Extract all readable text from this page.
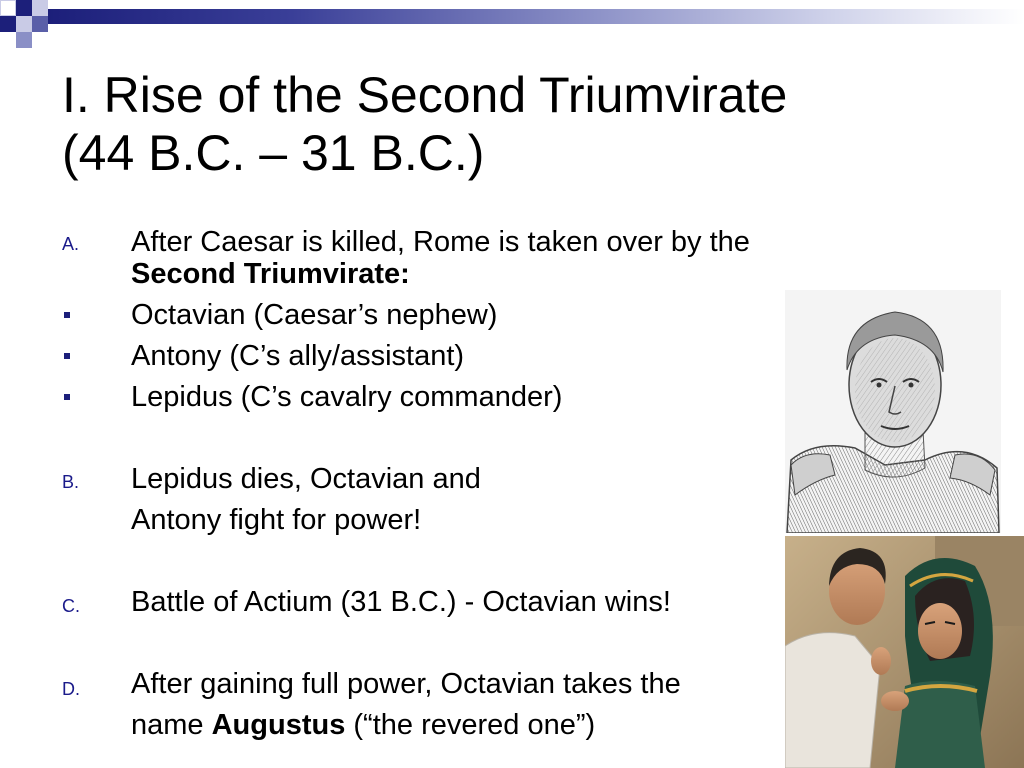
I. Rise of the Second Triumvirate
(44 B.C. – 31 B.C.)
A. After Caesar is killed, Rome is taken over by the
Second Triumvirate:
Octavian (Caesar’s nephew)
Antony (C’s ally/assistant)
Lepidus (C’s cavalry commander)
B. Lepidus dies, Octavian and
Antony fight for power!
C. Battle of Actium (31 B.C.) - Octavian wins!
D. After gaining full power, Octavian takes the
name Augustus (“the revered one”)
